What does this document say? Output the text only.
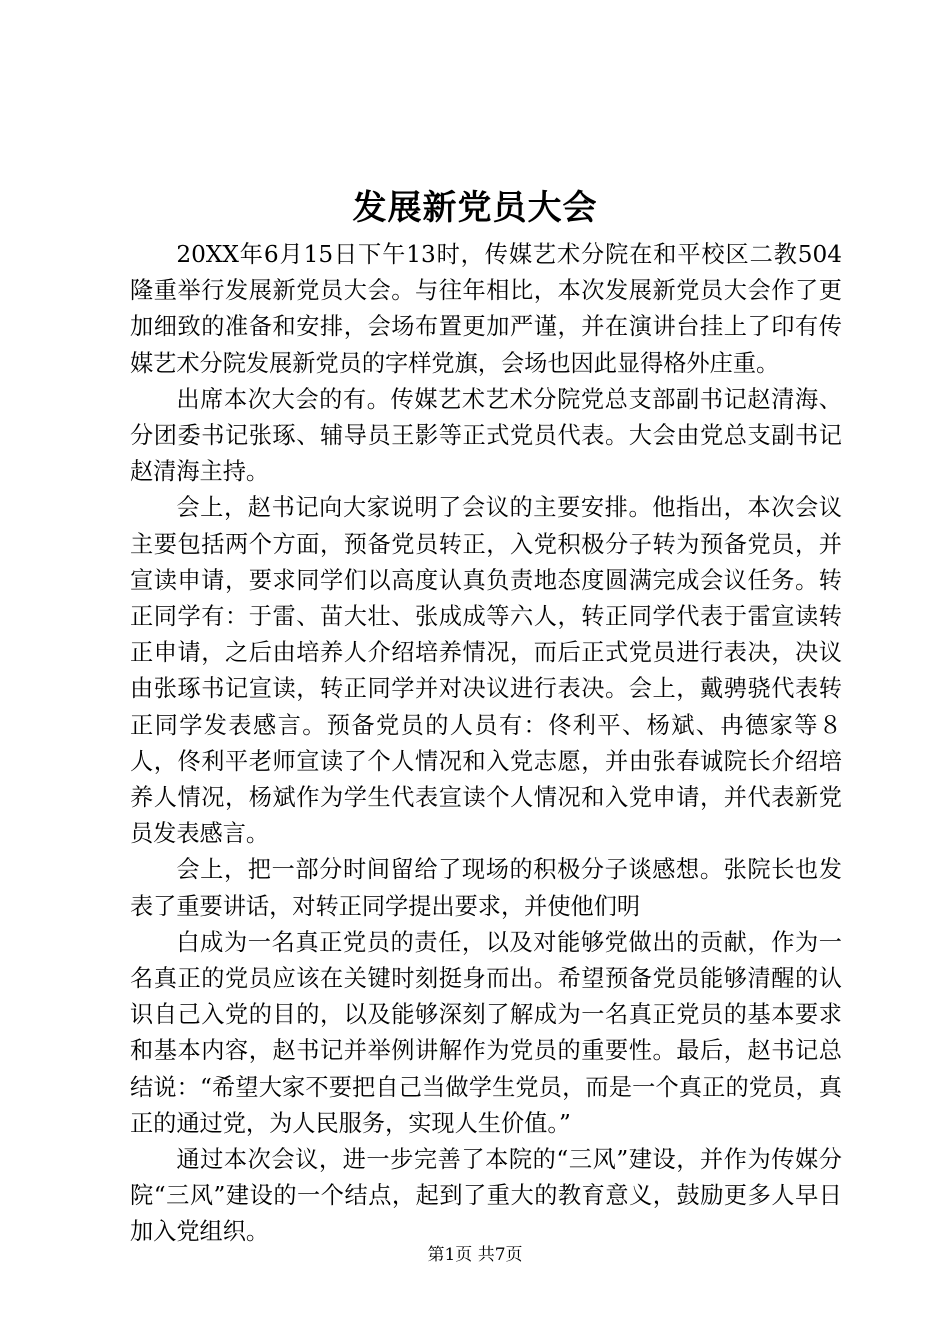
发展新党员大会

20XX年6月15日下午13时，传媒艺术分院在和平校区二教504隆重举行发展新党员大会。与往年相比，本次发展新党员大会作了更加细致的准备和安排，会场布置更加严谨，并在演讲台挂上了印有传媒艺术分院发展新党员的字样党旗，会场也因此显得格外庄重。

出席本次大会的有。传媒艺术艺术分院党总支部副书记赵清海、分团委书记张琢、辅导员王影等正式党员代表。大会由党总支副书记赵清海主持。

会上，赵书记向大家说明了会议的主要安排。他指出，本次会议主要包括两个方面，预备党员转正，入党积极分子转为预备党员，并宣读申请，要求同学们以高度认真负责地态度圆满完成会议任务。转正同学有：于雷、苗大壮、张成成等六人，转正同学代表于雷宣读转正申请，之后由培养人介绍培养情况，而后正式党员进行表决，决议由张琢书记宣读，转正同学并对决议进行表决。会上，戴骋骁代表转正同学发表感言。预备党员的人员有：佟利平、杨斌、冉德家等８人，佟利平老师宣读了个人情况和入党志愿，并由张春诚院长介绍培养人情况，杨斌作为学生代表宣读个人情况和入党申请，并代表新党员发表感言。

会上，把一部分时间留给了现场的积极分子谈感想。张院长也发表了重要讲话，对转正同学提出要求，并使他们明

白成为一名真正党员的责任，以及对能够党做出的贡献，作为一名真正的党员应该在关键时刻挺身而出。希望预备党员能够清醒的认识自己入党的目的，以及能够深刻了解成为一名真正党员的基本要求和基本内容，赵书记并举例讲解作为党员的重要性。最后，赵书记总结说：“希望大家不要把自己当做学生党员，而是一个真正的党员，真正的通过党，为人民服务，实现人生价值。”

通过本次会议，进一步完善了本院的“三风”建设，并作为传媒分院“三风”建设的一个结点，起到了重大的教育意义，鼓励更多人早日加入党组织。

第1页 共7页
